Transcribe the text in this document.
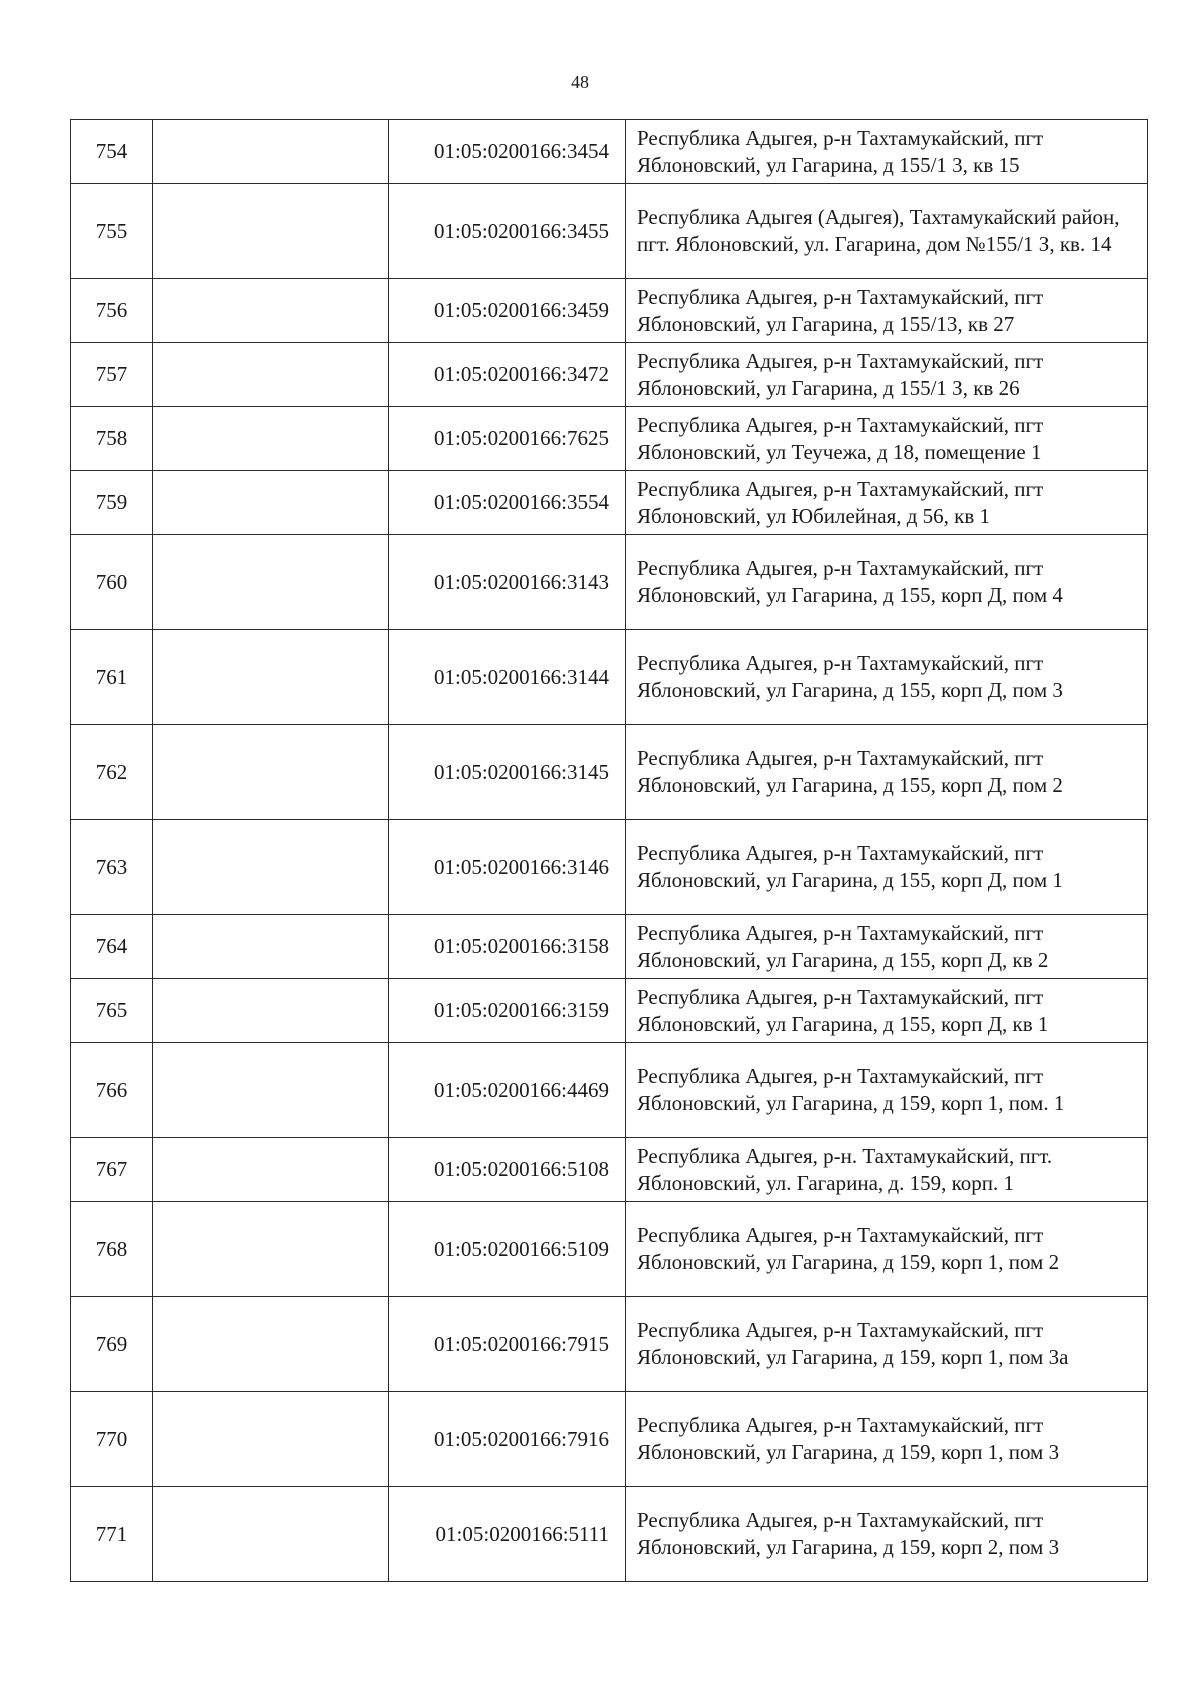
48
754		01:05:0200166:3454	Республика Адыгея, р-н Тахтамукайский, пгт Яблоновский, ул Гагарина, д 155/1 3, кв 15
755		01:05:0200166:3455	Республика Адыгея (Адыгея), Тахтамукайский район, пгт. Яблоновский, ул. Гагарина, дом №155/1 З, кв. 14
756		01:05:0200166:3459	Республика Адыгея, р-н Тахтамукайский, пгт Яблоновский, ул Гагарина, д 155/13, кв 27
757		01:05:0200166:3472	Республика Адыгея, р-н Тахтамукайский, пгт Яблоновский, ул Гагарина, д 155/1 З, кв 26
758		01:05:0200166:7625	Республика Адыгея, р-н Тахтамукайский, пгт Яблоновский, ул Теучежа, д 18, помещение 1
759		01:05:0200166:3554	Республика Адыгея, р-н Тахтамукайский, пгт Яблоновский, ул Юбилейная, д 56, кв 1
760		01:05:0200166:3143	Республика Адыгея, р-н Тахтамукайский, пгт Яблоновский, ул Гагарина, д 155, корп Д, пом 4
761		01:05:0200166:3144	Республика Адыгея, р-н Тахтамукайский, пгт Яблоновский, ул Гагарина, д 155, корп Д, пом 3
762		01:05:0200166:3145	Республика Адыгея, р-н Тахтамукайский, пгт Яблоновский, ул Гагарина, д 155, корп Д, пом 2
763		01:05:0200166:3146	Республика Адыгея, р-н Тахтамукайский, пгт Яблоновский, ул Гагарина, д 155, корп Д, пом 1
764		01:05:0200166:3158	Республика Адыгея, р-н Тахтамукайский, пгт Яблоновский, ул Гагарина, д 155, корп Д, кв 2
765		01:05:0200166:3159	Республика Адыгея, р-н Тахтамукайский, пгт Яблоновский, ул Гагарина, д 155, корп Д, кв 1
766		01:05:0200166:4469	Республика Адыгея, р-н Тахтамукайский, пгт Яблоновский, ул Гагарина, д 159, корп 1, пом. 1
767		01:05:0200166:5108	Республика Адыгея, р-н. Тахтамукайский, пгт. Яблоновский, ул. Гагарина, д. 159, корп. 1
768		01:05:0200166:5109	Республика Адыгея, р-н Тахтамукайский, пгт Яблоновский, ул Гагарина, д 159, корп 1, пом 2
769		01:05:0200166:7915	Республика Адыгея, р-н Тахтамукайский, пгт Яблоновский, ул Гагарина, д 159, корп 1, пом 3а
770		01:05:0200166:7916	Республика Адыгея, р-н Тахтамукайский, пгт Яблоновский, ул Гагарина, д 159, корп 1, пом 3
771		01:05:0200166:5111	Республика Адыгея, р-н Тахтамукайский, пгт Яблоновский, ул Гагарина, д 159, корп 2, пом 3
